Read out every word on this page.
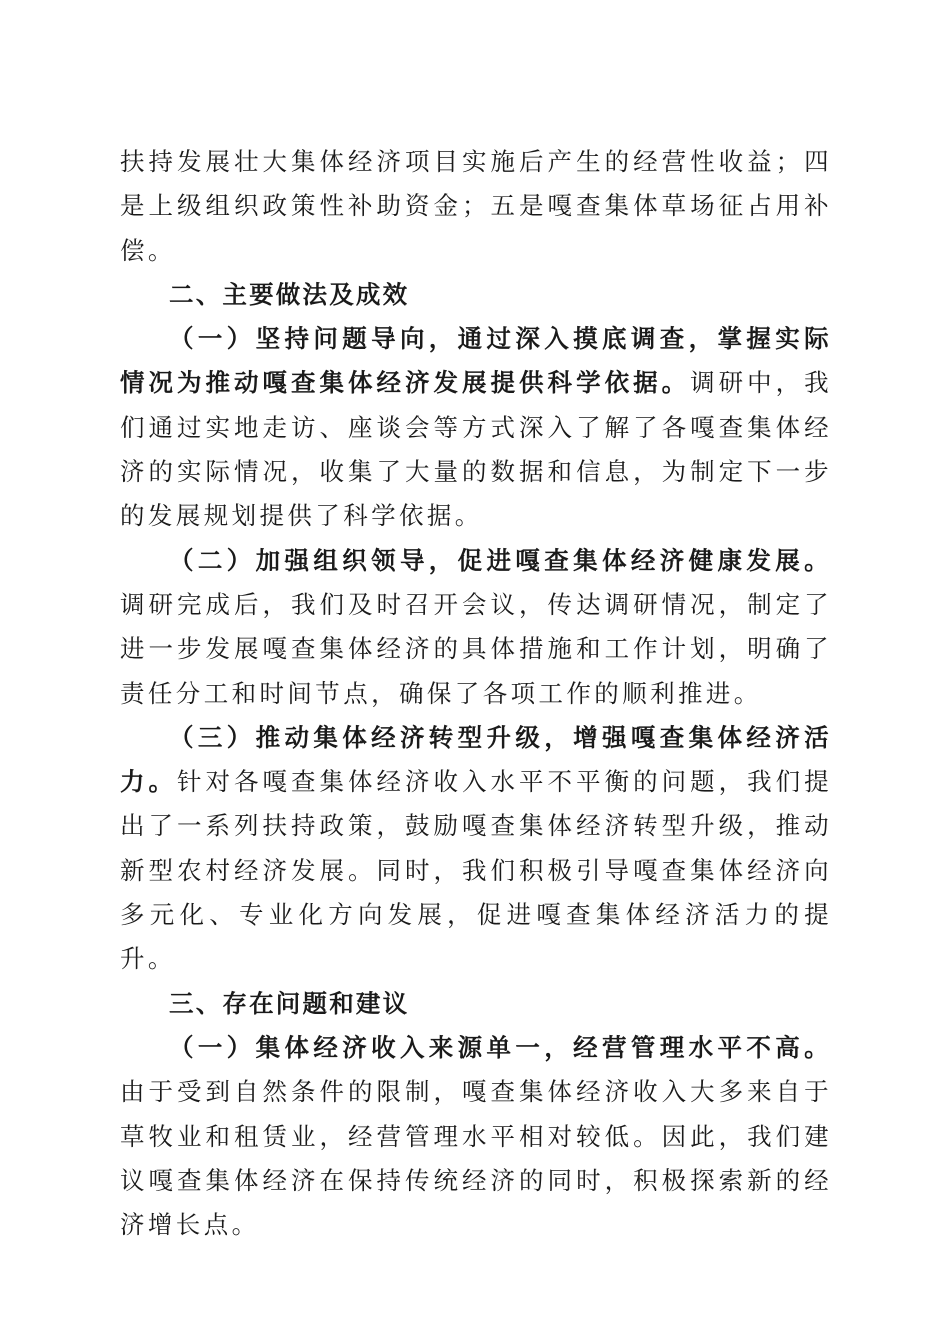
扶持发展壮大集体经济项目实施后产生的经营性收益；四是上级组织政策性补助资金；五是嘎查集体草场征占用补偿。

二、主要做法及成效

（一）坚持问题导向，通过深入摸底调查，掌握实际情况为推动嘎查集体经济发展提供科学依据。调研中，我们通过实地走访、座谈会等方式深入了解了各嘎查集体经济的实际情况，收集了大量的数据和信息，为制定下一步的发展规划提供了科学依据。

（二）加强组织领导，促进嘎查集体经济健康发展。调研完成后，我们及时召开会议，传达调研情况，制定了进一步发展嘎查集体经济的具体措施和工作计划，明确了责任分工和时间节点，确保了各项工作的顺利推进。

（三）推动集体经济转型升级，增强嘎查集体经济活力。针对各嘎查集体经济收入水平不平衡的问题，我们提出了一系列扶持政策，鼓励嘎查集体经济转型升级，推动新型农村经济发展。同时，我们积极引导嘎查集体经济向多元化、专业化方向发展，促进嘎查集体经济活力的提升。

三、存在问题和建议

（一）集体经济收入来源单一，经营管理水平不高。由于受到自然条件的限制，嘎查集体经济收入大多来自于草牧业和租赁业，经营管理水平相对较低。因此，我们建议嘎查集体经济在保持传统经济的同时，积极探索新的经济增长点。
